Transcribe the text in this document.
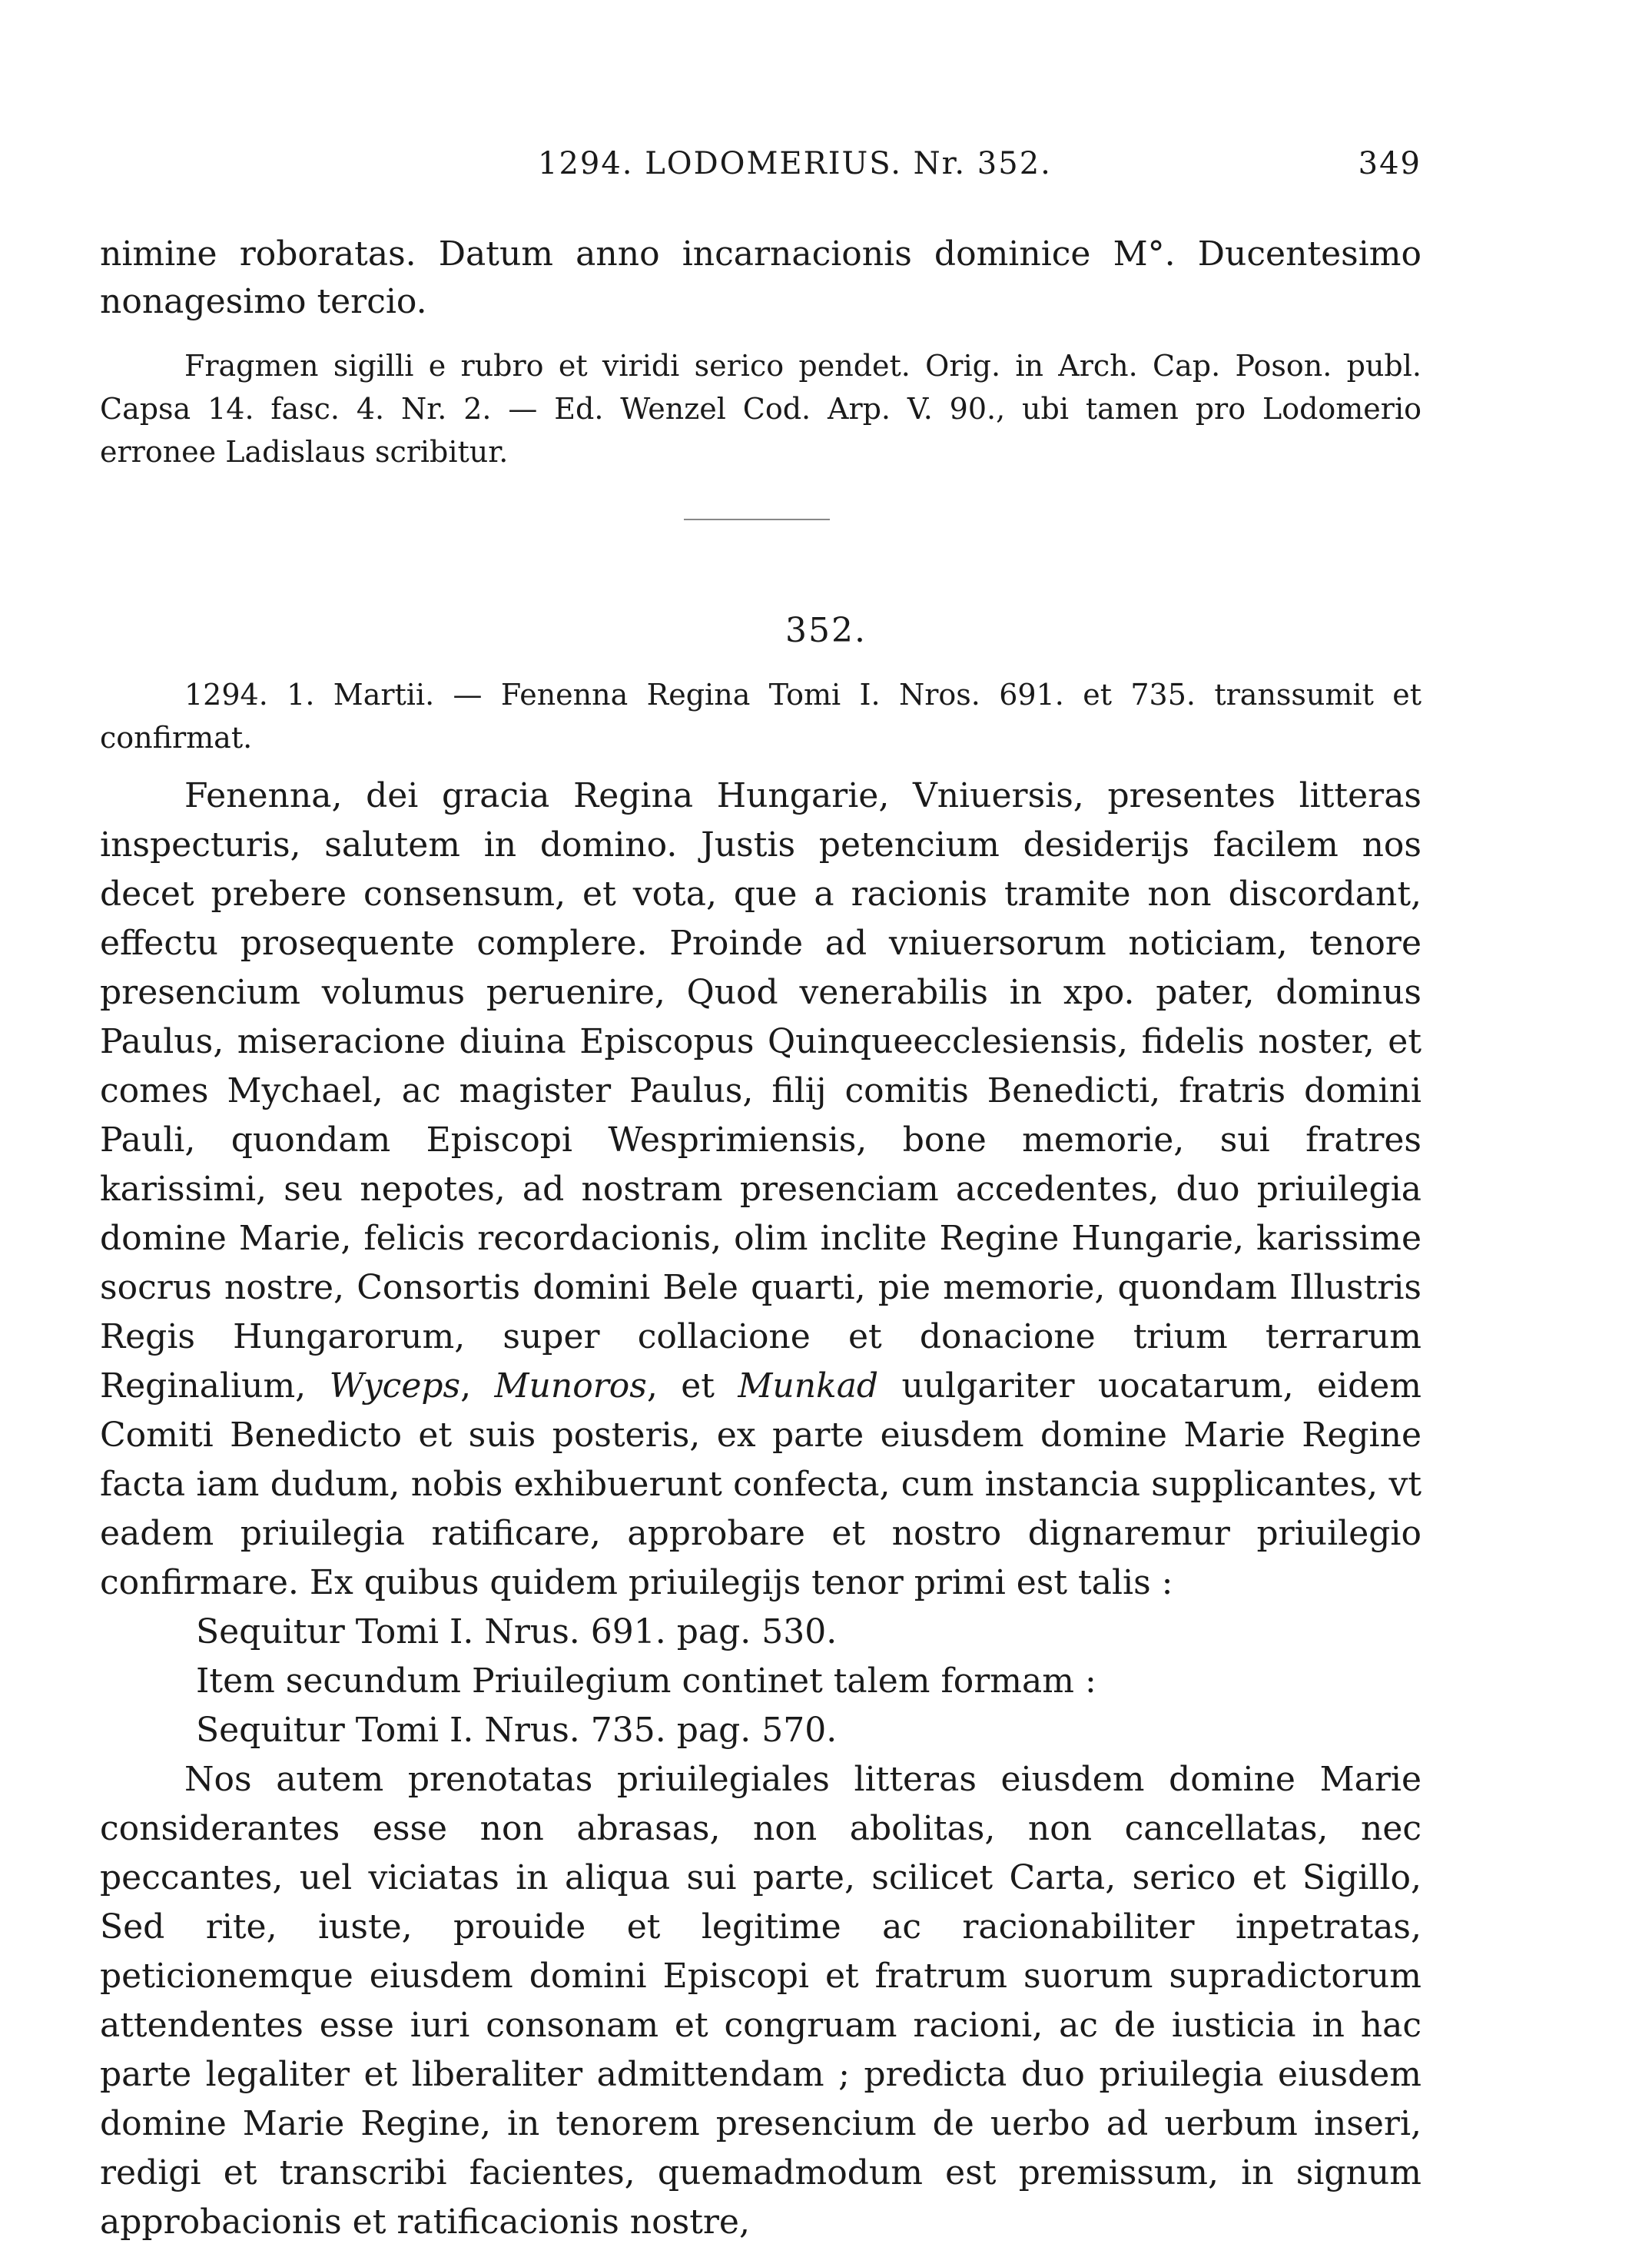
1294. LODOMERIUS. Nr. 352.	349

nimine roboratas. Datum anno incarnacionis dominice M°. Ducentesimo nonagesimo tercio.

Fragmen sigilli e rubro et viridi serico pendet. Orig. in Arch. Cap. Poson. publ. Capsa 14. fasc. 4. Nr. 2. — Ed. Wenzel Cod. Arp. V. 90., ubi tamen pro Lodomerio erronee Ladislaus scribitur.

352.

1294. 1. Martii. — Fenenna Regina Tomi I. Nros. 691. et 735. transsumit et confirmat.

Fenenna, dei gracia Regina Hungarie, Vniuersis, presentes litteras inspecturis, salutem in domino. Justis petencium desiderijs facilem nos decet prebere consensum, et vota, que a racionis tramite non discordant, effectu prosequente complere. Proinde ad vniuersorum noticiam, tenore presencium volumus peruenire, Quod venerabilis in xpo. pater, dominus Paulus, miseracione diuina Episcopus Quinqueecclesiensis, fidelis noster, et comes Mychael, ac magister Paulus, filij comitis Benedicti, fratris domini Pauli, quondam Episcopi Wesprimiensis, bone memorie, sui fratres karissimi, seu nepotes, ad nostram presenciam accedentes, duo priuilegia domine Marie, felicis recordacionis, olim inclite Regine Hungarie, karissime socrus nostre, Consortis domini Bele quarti, pie memorie, quondam Illustris Regis Hungarorum, super collacione et donacione trium terrarum Reginalium, Wyceps, Munoros, et Munkad uulgariter uocatarum, eidem Comiti Benedicto et suis posteris, ex parte eiusdem domine Marie Regine facta iam dudum, nobis exhibuerunt confecta, cum instancia supplicantes, vt eadem priuilegia ratificare, approbare et nostro dignaremur priuilegio confirmare. Ex quibus quidem priuilegijs tenor primi est talis :

Sequitur Tomi I. Nrus. 691. pag. 530.

Item secundum Priuilegium continet talem formam :

Sequitur Tomi I. Nrus. 735. pag. 570.

Nos autem prenotatas priuilegiales litteras eiusdem domine Marie considerantes esse non abrasas, non abolitas, non cancellatas, nec peccantes, uel viciatas in aliqua sui parte, scilicet Carta, serico et Sigillo, Sed rite, iuste, prouide et legitime ac racionabiliter inpetratas, peticionemque eiusdem domini Episcopi et fratrum suorum supradictorum attendentes esse iuri consonam et congruam racioni, ac de iusticia in hac parte legaliter et liberaliter admittendam ; predicta duo priuilegia eiusdem domine Marie Regine, in tenorem presencium de uerbo ad uerbum inseri, redigi et transcribi facientes, quemadmodum est premissum, in signum approbacionis et ratificacionis nostre,
